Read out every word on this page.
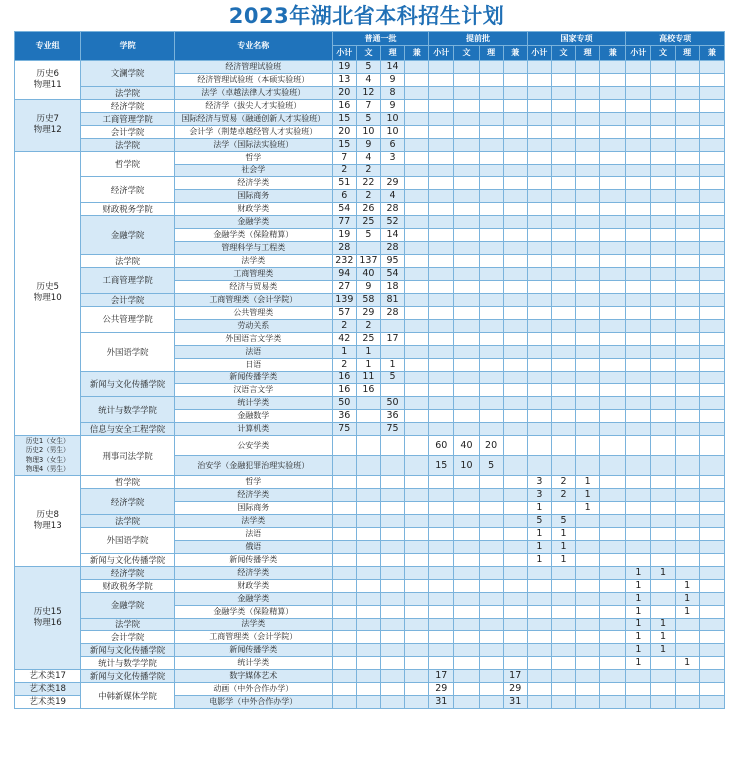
2023年湖北省本科招生计划
专业组	学院	专业名称	普通一批				提前批				国家专项				高校专项			
			小计	文	理	兼	小计	文	理	兼	小计	文	理	兼	小计	文	理	兼

历史6
物理11	文澜学院	经济管理试验班	19	5	14													
		经济管理试验班（本硕实验班）	13	4	9													
	法学院	法学（卓越法律人才实验班）	20	12	8													

历史7
物理12	经济学院	经济学（拔尖人才实验班）	16	7	9													
	工商管理学院	国际经济与贸易（融通创新人才实验班）	15	5	10													
	会计学院	会计学（荆楚卓越经管人才实验班）	20	10	10													
	法学院	法学（国际法实验班）	15	9	6													

历史5
物理10	哲学院	哲学	7	4	3													
		社会学	2	2														
	经济学院	经济学类	51	22	29													
		国际商务	6	2	4													
	财政税务学院	财政学类	54	26	28													
	金融学院	金融学类	77	25	52													
		金融学类（保险精算）	19	5	14													
		管理科学与工程类	28		28													
	法学院	法学类	232	137	95													
	工商管理学院	工商管理类	94	40	54													
		经济与贸易类	27	9	18													
	会计学院	工商管理类（会计学院）	139	58	81													
	公共管理学院	公共管理类	57	29	28													
		劳动关系	2	2														
	外国语学院	外国语言文学类	42	25	17													
		法语	1	1														
		日语	2	1	1													
	新闻与文化传播学院	新闻传播学类	16	11	5													
		汉语言文学	16	16														
	统计与数学学院	统计学类	50		50													
		金融数学	36		36													
	信息与安全工程学院	计算机类	75		75													

历史1（女生）
历史2（男生）
物理3（女生）
物理4（男生）	刑事司法学院	公安学类					60	40	20									
		治安学（金融犯罪治理实验班）					15	10	5									

历史8
物理13	哲学院	哲学									3	2	1					
	经济学院	经济学类									3	2	1					
		国际商务									1		1					
	法学院	法学类									5	5						
	外国语学院	法语									1	1						
		俄语									1	1						
	新闻与文化传播学院	新闻传播学类									1	1						

历史15
物理16	经济学院	经济学类													1	1		
	财政税务学院	财政学类													1		1	
	金融学院	金融学类													1		1	
		金融学类（保险精算）													1		1	
	法学院	法学类													1	1		
	会计学院	工商管理类（会计学院）													1	1		
	新闻与文化传播学院	新闻传播学类													1	1		
	统计与数学学院	统计学类													1		1	

艺术类17	新闻与文化传播学院	数字媒体艺术					17			17								

艺术类18	中韩新媒体学院	动画（中外合作办学）					29			29								

艺术类19		电影学（中外合作办学）					31			31								
